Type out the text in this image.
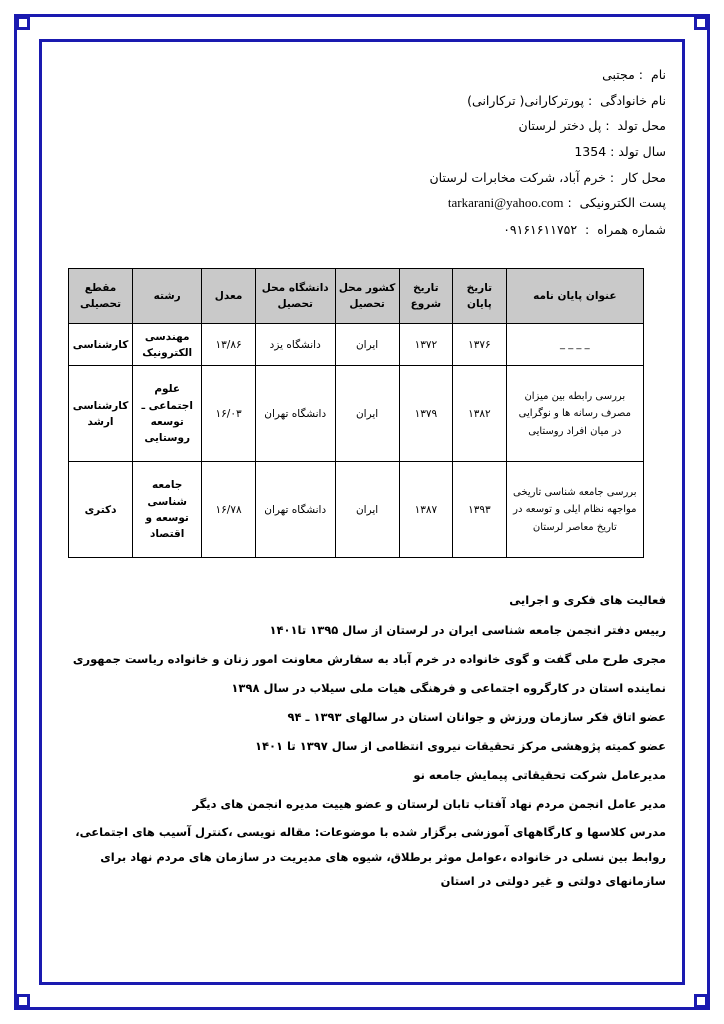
نام  : مجتبی
نام خانوادگی  : پورترکارانی( ترکارانی)
محل تولد  : پل دختر لرستان
سال تولد : 1354
محل کار  : خرم آباد، شرکت مخابرات لرستان
پست الکترونیکی  : tarkarani@yahoo.com
شماره همراه  :  ۰۹۱۶۱۶۱۱۷۵۲
عنوان پایان نامه	تاریخ پایان	تاریخ شروع	کشور محل تحصیل	دانشگاه محل تحصیل	معدل	رشته	مقطع تحصیلی
_ _ _ _	۱۳۷۶	۱۳۷۲	ایران	دانشگاه یزد	۱۳/۸۶	مهندسی الکترونیک	کارشناسی
بررسی رابطه بین میزان مصرف رسانه ها و نوگرایی در میان افراد روستایی	۱۳۸۲	۱۳۷۹	ایران	دانشگاه تهران	۱۶/۰۳	علوم اجتماعی ـ توسعه روستایی	کارشناسی ارشد
بررسی جامعه شناسی تاریخی مواجهه نظام ایلی و توسعه در تاریخ معاصر لرستان	۱۳۹۳	۱۳۸۷	ایران	دانشگاه تهران	۱۶/۷۸	جامعه شناسی توسعه و اقتصاد	دکتری
فعالیت های فکری و اجرایی

رییس دفتر انجمن جامعه شناسی ایران در لرستان از سال ۱۳۹۵ تا۱۴۰۱

مجری طرح ملی گفت و گوی خانواده در خرم آباد به سفارش معاونت امور زنان و خانواده ریاست جمهوری

نماینده استان در کارگروه اجتماعی و فرهنگی هیات ملی سیلاب در سال ۱۳۹۸

عضو اتاق فکر سازمان ورزش و جوانان استان در سالهای ۱۳۹۳ ـ ۹۴

عضو کمیته پژوهشی مرکز تحقیقات نیروی انتظامی از سال ۱۳۹۷ تا ۱۴۰۱

مدیرعامل شرکت تحقیقاتی پیمایش جامعه نو

مدیر عامل انجمن مردم نهاد آفتاب تابان لرستان و عضو هییت مدیره انجمن های دیگر

مدرس کلاسها و کارگاههای آموزشی برگزار شده با موضوعات: مقاله نویسی ،کنترل آسیب های اجتماعی، روابط بین نسلی در خانواده ،عوامل موثر برطلاق، شیوه های مدیریت در سازمان های مردم نهاد برای سازمانهای دولتی و غیر دولتی در استان
